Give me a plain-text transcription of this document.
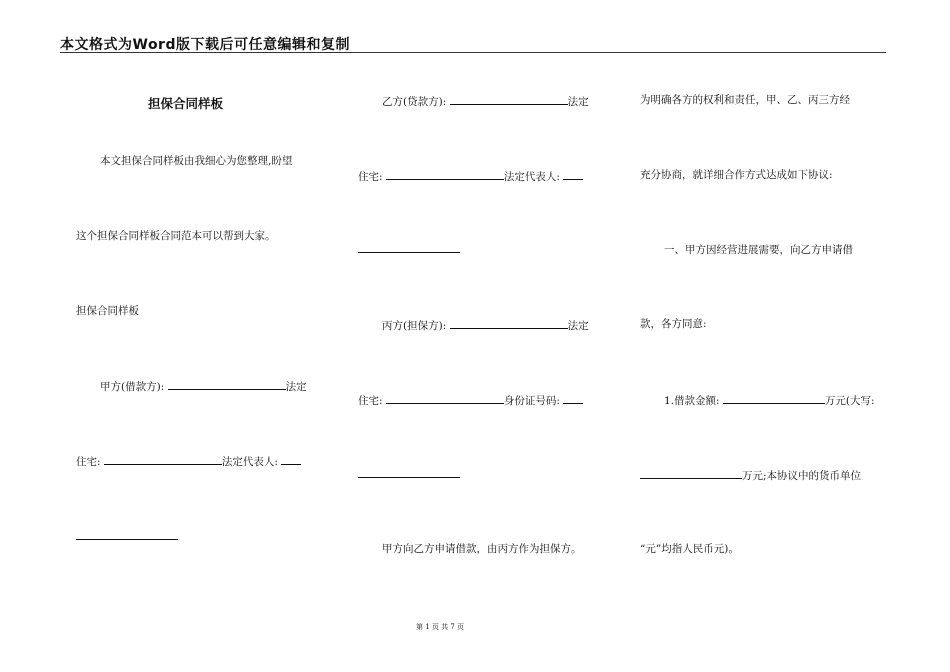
本文格式为Word版下载后可任意编辑和复制
担保合同样板
本文担保合同样板由我细心为您整理,盼望
这个担保合同样板合同范本可以帮到大家。
担保合同样板
甲方(借款方):	法定
住宅:	法定代表人:
乙方(贷款方):	法定
住宅:	法定代表人:
丙方(担保方):	法定
住宅:	身份证号码:
甲方向乙方申请借款，由丙方作为担保方。
为明确各方的权利和责任，甲、乙、丙三方经
充分协商，就详细合作方式达成如下协议:
一、甲方因经营进展需要，向乙方申请借
款，各方同意:
1.借款金额:	万元(大写:
万元;本协议中的货币单位
“元”均指人民币元)。
第 1 页 共 7 页
